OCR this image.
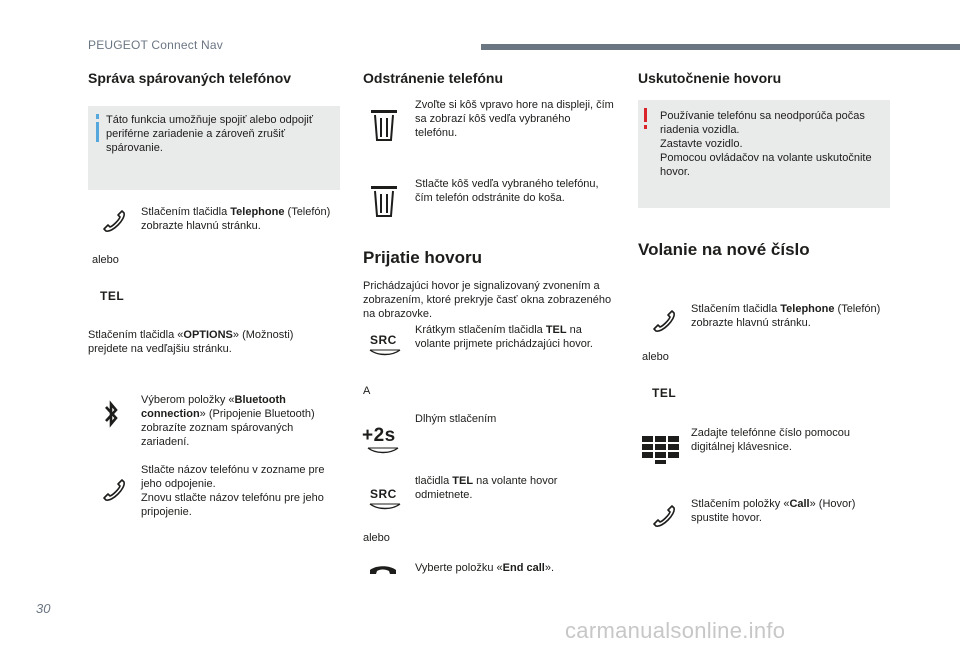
PEUGEOT Connect Nav
Správa spárovaných telefónov
Táto funkcia umožňuje spojiť alebo odpojiť periférne zariadenie a zároveň zrušiť spárovanie.
Stlačením tlačidla Telephone (Telefón) zobrazte hlavnú stránku.
alebo
TEL
Stlačením tlačidla «OPTIONS» (Možnosti) prejdete na vedľajšiu stránku.
Výberom položky «Bluetooth connection» (Pripojenie Bluetooth) zobrazíte zoznam spárovaných zariadení.
Stlačte názov telefónu v zozname pre jeho odpojenie.
Znovu stlačte názov telefónu pre jeho pripojenie.
Odstránenie telefónu
Zvoľte si kôš vpravo hore na displeji, čím sa zobrazí kôš vedľa vybraného telefónu.
Stlačte kôš vedľa vybraného telefónu, čím telefón odstránite do koša.
Prijatie hovoru
Prichádzajúci hovor je signalizovaný zvonením a zobrazením, ktoré prekryje časť okna zobrazeného na obrazovke.
SRC
Krátkym stlačením tlačidla TEL na volante prijmete prichádzajúci hovor.
A
+2s
Dlhým stlačením
SRC
tlačidla TEL na volante hovor odmietnete.
alebo
Vyberte položku «End call».
Uskutočnenie hovoru
Používanie telefónu sa neodporúča počas riadenia vozidla.
Zastavte vozidlo.
Pomocou ovládačov na volante uskutočnite hovor.
Volanie na nové číslo
Stlačením tlačidla Telephone (Telefón) zobrazte hlavnú stránku.
alebo
TEL
Zadajte telefónne číslo pomocou digitálnej klávesnice.
Stlačením položky «Call» (Hovor) spustite hovor.
30
carmanualsonline.info
